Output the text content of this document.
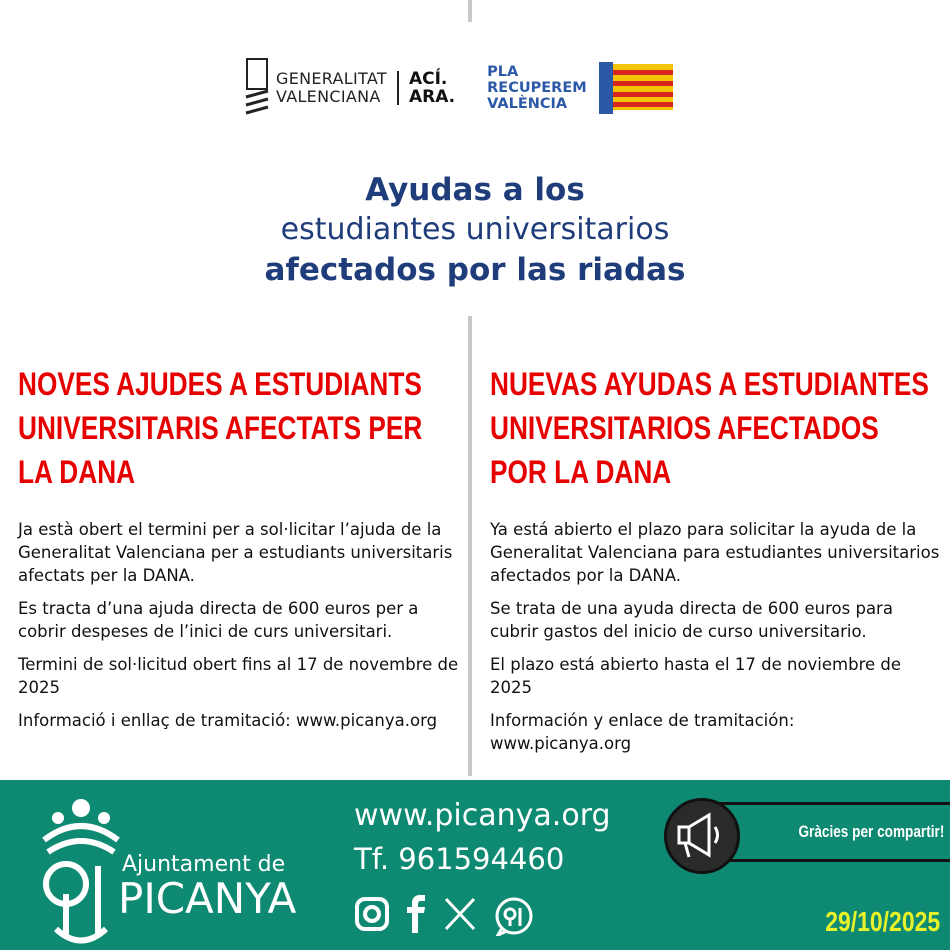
GENERALITAT
VALENCIANA
ACÍ.
ARA.
PLA
RECUPEREM
VALÈNCIA
Ayudas a los
estudiantes universitarios
afectados por las riadas
NOVES AJUDES A ESTUDIANTS UNIVERSITARIS AFECTATS PER LA DANA

Ja està obert el termini per a sol·licitar l’ajuda de la Generalitat Valenciana per a estudiants universitaris afectats per la DANA.

Es tracta d’una ajuda directa de 600 euros per a cobrir despeses de l’inici de curs universitari.

Termini de sol·licitud obert fins al 17 de novembre de 2025

Informació i enllaç de tramitació: www.picanya.org

NUEVAS AYUDAS A ESTUDIANTES UNIVERSITARIOS AFECTADOS POR LA DANA

Ya está abierto el plazo para solicitar la ayuda de la Generalitat Valenciana para estudiantes universitarios afectados por la DANA.

Se trata de una ayuda directa de 600 euros para cubrir gastos del inicio de curso universitario.

El plazo está abierto hasta el 17 de noviembre de 2025

Información y enlace de tramitación: www.picanya.org

Ajuntament de
PICANYA
www.picanya.org
Tf. 961594460
Gràcies per compartir!
29/10/2025
